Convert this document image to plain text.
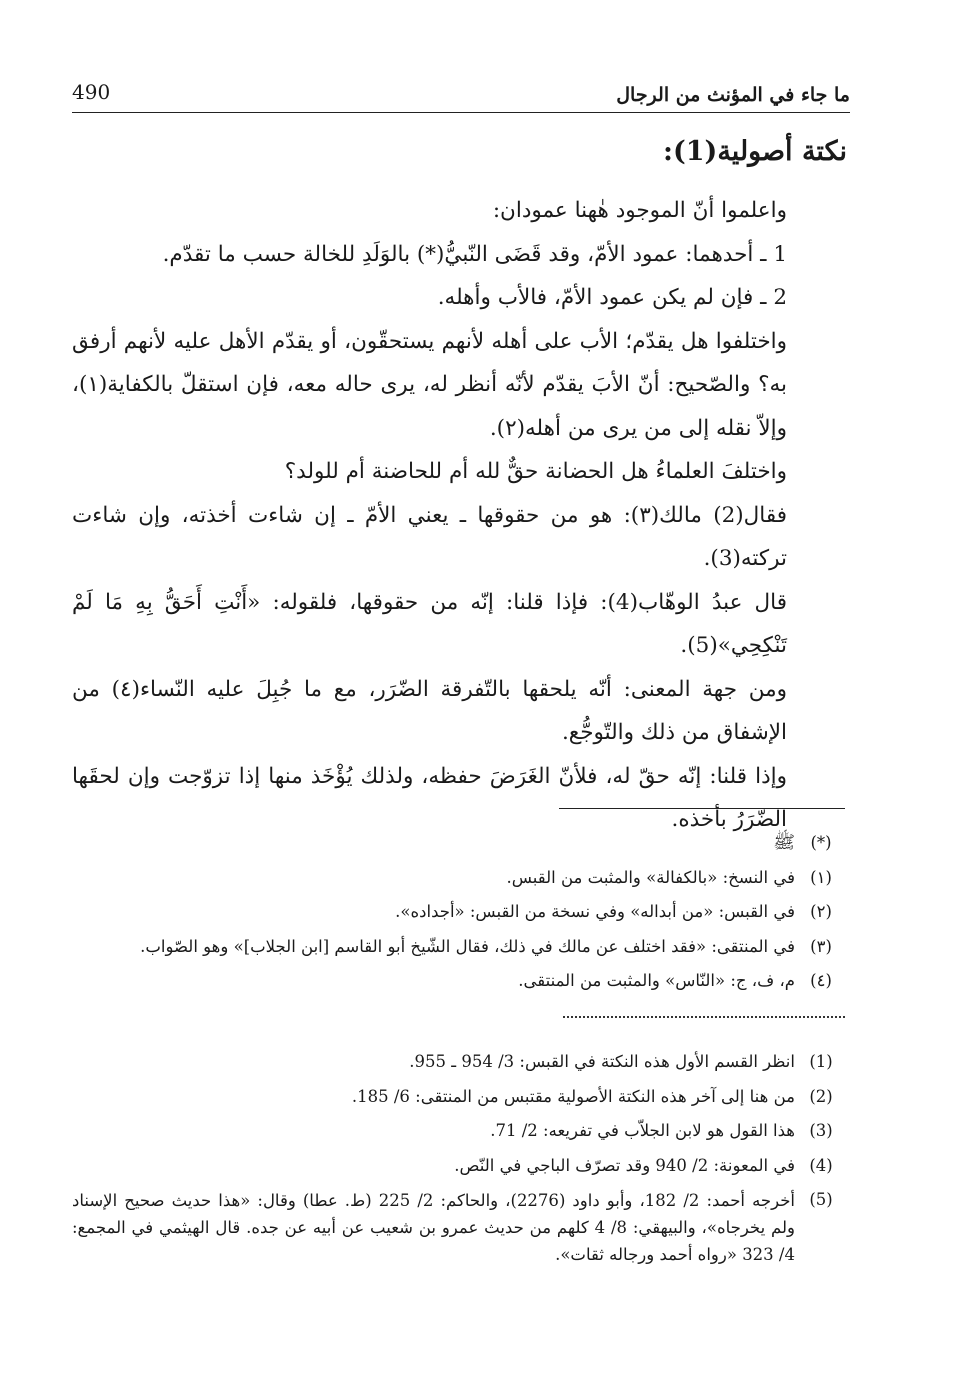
ما جاء في المؤنث من الرجال
490
نكتة أصولية(1):

واعلموا أنّ الموجود هٰهنا عمودان:

1 ـ أحدهما: عمود الأمّ، وقد قَضَى النّبيُّ(*) بالوَلَدِ للخالة حسب ما تقدّم.

2 ـ فإن لم يكن عمود الأمّ، فالأب وأهله.

واختلفوا هل يقدّم؛ الأب على أهله لأنهم يستحقّون، أو يقدّم الأهل عليه لأنهم أرفق به؟ والصّحيح: أنّ الأبَ يقدّم لأنّه أنظر له، يرى حاله معه، فإن استقلّ بالكفاية(١)، وإلاّ نقله إلى من يرى من أهله(٢).

واختلفَ العلماءُ هل الحضانة حقٌّ لله أم للحاضنة أم للولد؟

فقال(2) مالك(٣): هو من حقوقها ـ يعني الأمّ ـ إن شاءت أخذته، وإن شاءت تركته(3).

قال عبدُ الوهّاب(4): فإذا قلنا: إنّه من حقوقها، فلقوله: «أَنْتِ أَحَقُّ بِهِ مَا لَمْ تَنْكِحِي»(5).

ومن جهة المعنى: أنّه يلحقها بالتّفرقة الضّرَر، مع ما جُبِلَ عليه النّساء(٤) من الإشفاق من ذلك والتّوجُّع.

وإذا قلنا: إنّه حقّ له، فلأنّ الغَرَضَ حفظه، ولذلك يُؤْخَذ منها إذا تزوّجت وإن لحقَها الضّرَرُ بأخذه.

(*)
ﷺ
(١)
في النسخ: «بالكفالة» والمثبت من القبس.
(٢)
في القبس: «من أبداله» وفي نسخة من القبس: «أجداده».
(٣)
في المنتقى: «فقد اختلف عن مالك في ذلك، فقال الشّيخ أبو القاسم [ابن الجلاب]» وهو الصّواب.
(٤)
م، ف، ج: «النّاس» والمثبت من المنتقى.
(1)
انظر القسم الأول هذه النكتة في القبس: 3/ 954 ـ 955.
(2)
من هنا إلى آخر هذه النكتة الأصولية مقتبس من المنتقى: 6/ 185.
(3)
هذا القول هو لابن الجلاّب في تفريعه: 2/ 71.
(4)
في المعونة: 2/ 940 وقد تصرّف الباجي في النّص.
(5)
أخرجه أحمد: 2/ 182، وأبو داود (2276)، والحاكم: 2/ 225 (ط. عطا) وقال: «هذا حديث صحيح الإسناد ولم يخرجاه»، والبيهقي: 8/ 4 كلهم من حديث عمرو بن شعيب عن أبيه عن جده. قال الهيثمي في المجمع: 4/ 323 «رواه أحمد ورجاله ثقات».
